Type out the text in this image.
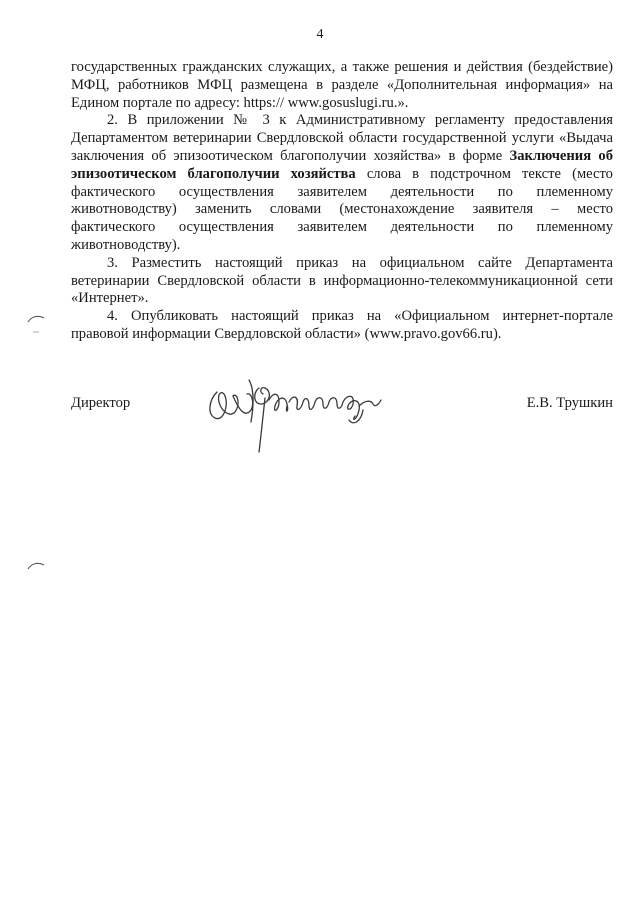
4

государственных гражданских служащих, а также решения и действия (бездействие) МФЦ, работников МФЦ размещена в разделе «Дополнительная информация» на Едином портале по адресу: https:// www.gosuslugi.ru.».

2. В приложении № 3 к Административному регламенту предоставления Департаментом ветеринарии Свердловской области государственной услуги «Выдача заключения об эпизоотическом благополучии хозяйства» в форме Заключения об эпизоотическом благополучии хозяйства слова в подстрочном тексте (место фактического осуществления заявителем деятельности по племенному животноводству) заменить словами (местонахождение заявителя – место фактического осуществления заявителем деятельности по племенному животноводству).

3. Разместить настоящий приказ на официальном сайте Департамента ветеринарии Свердловской области в информационно-телекоммуникационной сети «Интернет».

4. Опубликовать настоящий приказ на «Официальном интернет-портале правовой информации Свердловской области» (www.pravo.gov66.ru).

Директор	Е.В. Трушкин
